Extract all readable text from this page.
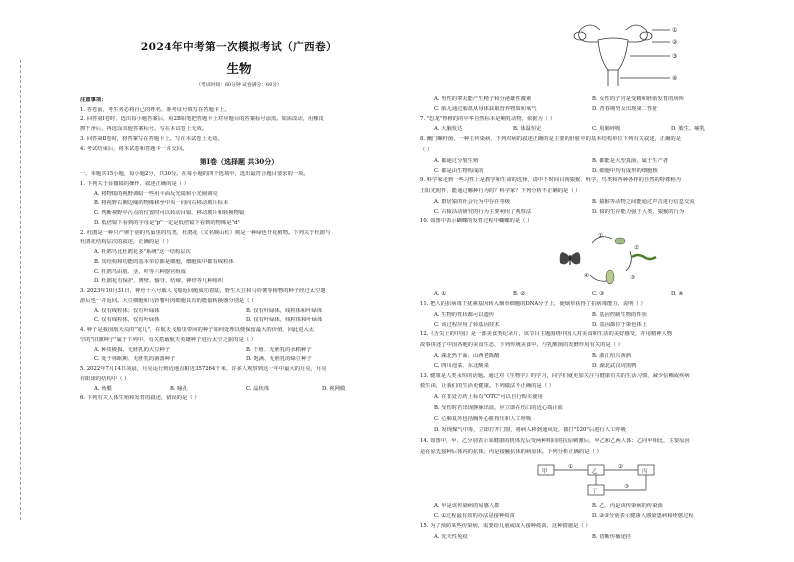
2024年中考第一次模拟考试（广西卷）
生物
（考试时间：60分钟 试卷满分：60分）
注意事项：
1. 答卷前，考生务必将自己的姓名、准考证号填写在答题卡上。
2. 回答第Ⅰ卷时，选出每小题答案后，用2B铅笔把答题卡上对应题目的答案标号涂黑。如需改动，用橡皮
擦干净后，再选涂其他答案标号。写在本试卷上无效。
3. 回答第Ⅱ卷时，将答案写在答题卡上。写在本试卷上无效。
4. 考试结束后，将本试卷和答题卡一并交回。
第Ⅰ卷（选择题 共30分）
一、本题共15小题，每小题2分，共30分。在每小题的四个选项中，选出最符合题目要求的一项。
1. 下列关于显微镜的操作，叙述正确的是（ ）
A. 将物镜的视野调暗一些用平面反光镜和小光圈调亮
B. 将视野右侧边缘的物像移至中央一同向右移动玻片标本
C. 判断视野中污点的位置时可以转动目镜、移动玻片和转换物镜
D. 低倍镜下看到的字母是"p"一定是低倍镜下看到的物像是"d"
2. 杜鹃是一种只产卵于别的鸟巢里的鸟类，杜鹃花（又名映山红）则是一种绿色开花植物。下列关于杜鹃与
杜鹃花结构层次的叙述，正确的是（ ）
A. 杜鹃鸟比杜鹃花多"系统"这一结构层次
B. 其结构和功能的基本单位都是细胞，细胞质中都有线粒体
C. 杜鹃鸟由肌、茎、叶等六种器官组成
D. 杜鹃花有保护、薄壁、输导、结缔、神经等几种组织
3. 2023年10月31日，神舟十六号载人飞船返回舱成功着陆，野生大豆和马铃薯等植物的种子经过太空遨
游后也一并返回。大豆细胞和马铃薯叶肉细胞具有的能量转换器分别是（ ）
A. 仅有线粒体；仅有叶绿体	B. 仅有叶绿体，线粒体和叶绿体
C. 仅有线粒体，仅有叶绿体	D. 仅有叶绿体，线粒体和叶绿体
4. 种子是我国航天员的"宠儿"，在航天飞船里带回的种子如何处理以便保留最大的价值，回此进入太
空的"旧旗种子"属于下列中，有关搭载航天英雄种子进行太空之旅的是（ ）
A. 种皮破损、无胚乳的大豆种子	B. 干瘪、无胚乳的水稻种子
C. 处于休眠期、无胚乳的菌落种子	D. 饱满、无胚乳的绿豆种子
5. 2022年7月14日凌晨，月亮运行到近地点附近357264千米，许多人观察到这一年中最大的月亮，月亮
在眼球的结构中（ ）
A. 角膜	B. 瞳孔	C. 晶状体	D. 视网膜
6. 下列有关人体生殖和发育的叙述，错误的是（ ）
①
②
③
④
A. 男性的睾丸能产生精子和分泌雄性激素	B. 女性的子宫是受精和胚胎发育的场所
C. 胎儿通过胎盘从母体获取营养物质和氧气	D. 青春期男女出现第二性征
7. "恐龙"脊椎的的中华自然标本是哺乳动物，依据为（ ）
A. 大脑发达	B. 体温恒定	C. 用肺呼吸	D. 胎生、哺乳
8. 幽门螺杆菌，一种主传染病，下列对病的叙述正确的是主要的肝脏中的基本结构单位下列有关叙述，正确的是
（ ）
A. 都通过分裂生殖	B. 都能是大型真菌，属于生产者
C. 都是由生物构成的	D. 细胞中均有成形的细胞核
9. 科学家走到一些习性上是教学和生命的选择，请中下时间目视猿猴、科学、鸟类和各种各样的自然的特殊称为
王阳光附件，能通过哪种行为的？科学家？下列分析不正确的是（ ）
A. 群居猿的社会行为中存在等级	B. 猿猴等动物之间能通过声音进行信息交流
C. 古猿活动研究的行为主要利用了观察法	D. 猿的生存能力强于人类，猿猴的行为
10. 如图中表示蝴蝶的发育过程中蝴蝶的是（ ）
①
②
③
④
A. ①	B. ②	C. ③	D. ④
11. 把人的抗病毒干扰素基因转入烟草细胞的DNA分子上，使烟草获得了抗病毒能力，说明（ ）
A. 生物的性状都可以遗传	B. 基因控制生物的性状
C. 该过程应用了转基因技术	D. 基因都位于染色体上
12.《舌尖上的中国》是一部美食类纪录片，该节目主题围绕中国人对美食和生活的美好感受，并用精神人物
故事讲述了中国各地的美食生态，下列传统美食中，与乳酸菌的发酵作用有关的是（ ）
A. 湖北热干面、山西老陈醋	B. 浙江绍兴黄酒
C. 四川泡菜、东北酸菜	D. 湖北武汉周黑鸭
13. 健康是人类永恒的话题。通过对《生物学》的学习，同学们就更加关注与健康有关的生活习惯，减少信赖或疾病
救生由，让我们的生活更健康。下列做法不正确的是（ ）
A. 在非处方药上标有"OTC"可以自行购买使用
B. 受伤时若出现静脉出血，应立即在伤口的近心端止血
C. 心肺复苏包括胸外心脏按压和人工呼吸
D. 发现煤气中毒，立即打开门窗，将病人移到通风处，拨打"120"后进行人工呼吸
14. 如图中，甲、乙分别表示某健康的机体先后受两种相同的抗原刺激后，甲乙和乙两人体；乙同甲相比，主要原因
是在原先接种后体内的抗体；丙是接触抗体的病原体。下列分析正确的是（ ）
甲	乙
丁
丙
①	②
③
A. 甲是该传染病的易感人群	B. 乙、丙是该传染病的传染源
C. ①过程最有效的办法是接种疫苗	D. ②③分别表示健康人感染患病和痊愈过程
15. 为了预防某些传染病，需要给儿童或成人接种疫苗，这种措施是（ ）
A. 先天性免疫	B. 切断传播途径
